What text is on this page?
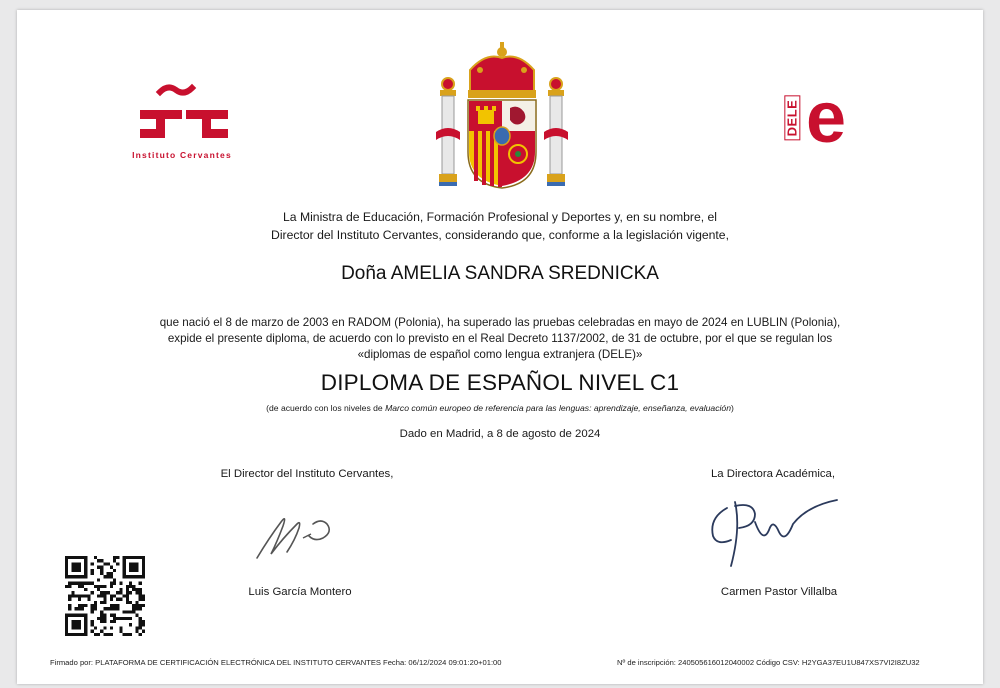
Instituto Cervantes
DELE e
La Ministra de Educación, Formación Profesional y Deportes y, en su nombre, el
Director del Instituto Cervantes, considerando que, conforme a la legislación vigente,
Doña AMELIA SANDRA SREDNICKA
que nació el 8 de marzo de 2003 en RADOM (Polonia), ha superado las pruebas celebradas en mayo de 2024 en LUBLIN (Polonia),
expide el presente diploma, de acuerdo con lo previsto en el Real Decreto 1137/2002, de 31 de octubre, por el que se regulan los
«diplomas de español como lengua extranjera (DELE)»
DIPLOMA DE ESPAÑOL NIVEL C1
(de acuerdo con los niveles de Marco común europeo de referencia para las lenguas: aprendizaje, enseñanza, evaluación)
Dado en Madrid, a 8 de agosto de 2024
El Director del Instituto Cervantes,
Luis García Montero
La Directora Académica,
Carmen Pastor Villalba
Firmado por: PLATAFORMA DE CERTIFICACIÓN ELECTRÓNICA DEL INSTITUTO CERVANTES Fecha: 06/12/2024 09:01:20+01:00	Nº de inscripción: 240505616012040002 Código CSV: H2YGA37EU1U847XS7VI2I8ZU32
